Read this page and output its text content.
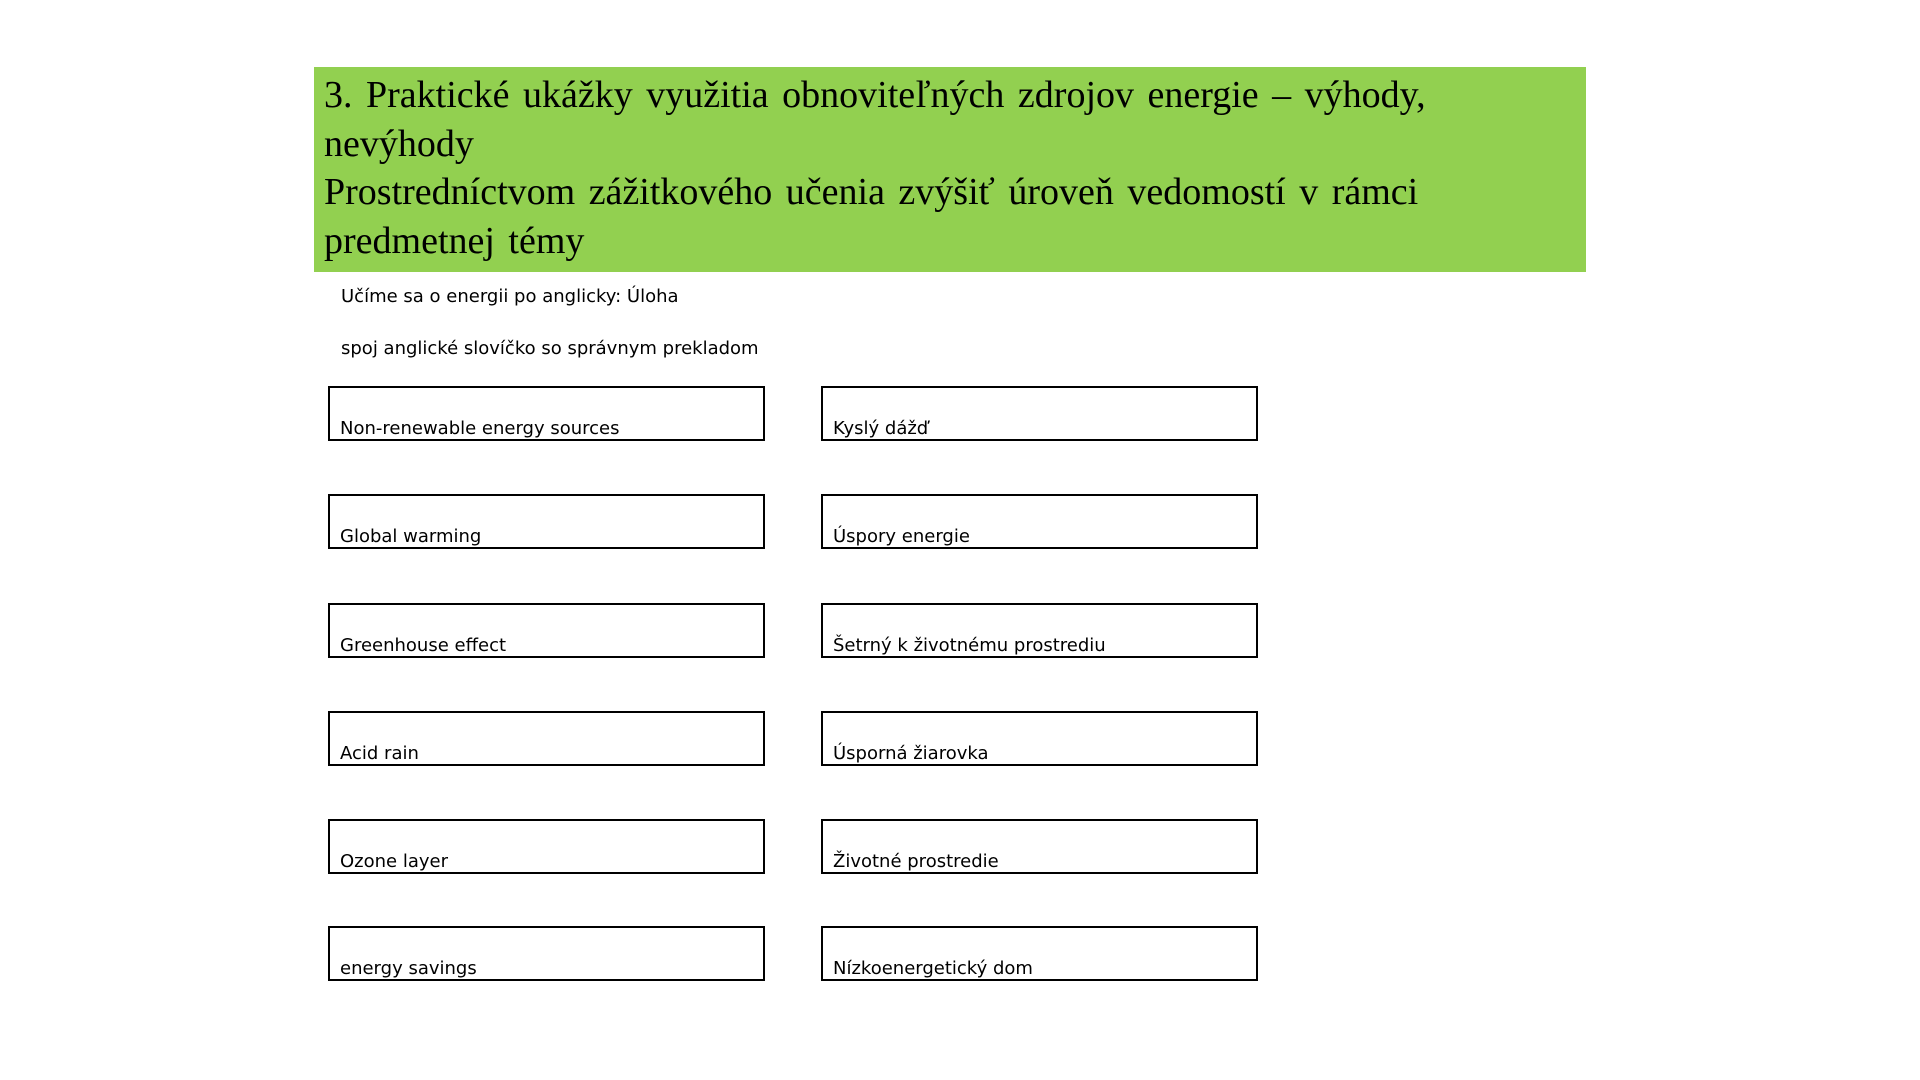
3. Praktické ukážky využitia obnoviteľných zdrojov energie – výhody,
nevýhody
Prostredníctvom zážitkového učenia zvýšiť úroveň vedomostí v rámci
predmetnej témy
Učíme sa o energii po anglicky: Úloha
spoj anglické slovíčko so správnym prekladom
Non-renewable energy sources
Global warming
Greenhouse effect
Acid rain
Ozone layer
energy savings
Kyslý dážď
Úspory energie
Šetrný k životnému prostrediu
Úsporná žiarovka
Životné prostredie
Nízkoenergetický dom
